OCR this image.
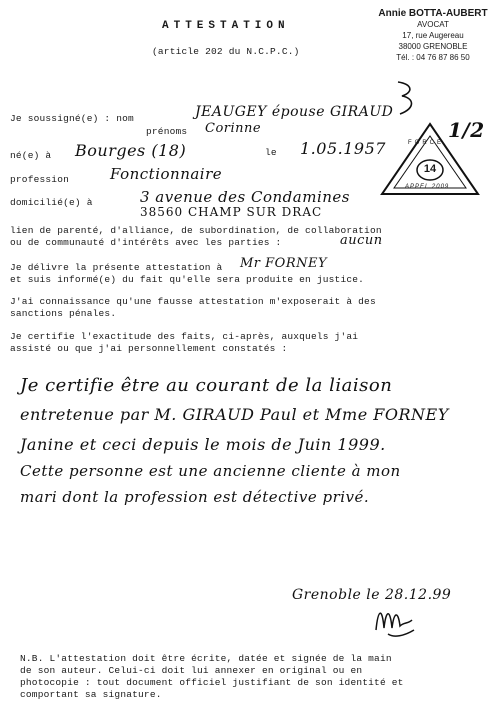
ATTESTATION
(article 202 du N.C.P.C.)
Annie BOTTA-AUBERT
AVOCAT
17, rue Augereau
38000 GRENOBLE
Tél. : 04 76 87 86 50
1/2
14
FORCE
APPEL 2009
Je soussigné(e) : nom	JEAUGEY épouse GIRAUD
prénoms Corinne
né(e) à Bourges (18)	le 1.05.1957
profession	Fonctionnaire
domicilié(e) à	3 avenue des Condamines
38560 CHAMP SUR DRAC
lien de parenté, d'alliance, de subordination, de collaboration
ou de communauté d'intérêts avec les parties :	aucun
Je délivre la présente attestation à Mr FORNEY
et suis informé(e) du fait qu'elle sera produite en justice.
J'ai connaissance qu'une fausse attestation m'exposerait à des
sanctions pénales.
Je certifie l'exactitude des faits, ci-après, auxquels j'ai
assisté ou que j'ai personnellement constatés :
Je certifie être au courant de la liaison
entretenue par M. GIRAUD Paul et Mme FORNEY
Janine et ceci depuis le mois de Juin 1999.
Cette personne est une ancienne cliente à mon
mari dont la profession est détective privé.
Grenoble le 28.12.99
N.B. L'attestation doit être écrite, datée et signée de la main
de son auteur. Celui-ci doit lui annexer en original ou en
photocopie : tout document officiel justifiant de son identité et
comportant sa signature.
